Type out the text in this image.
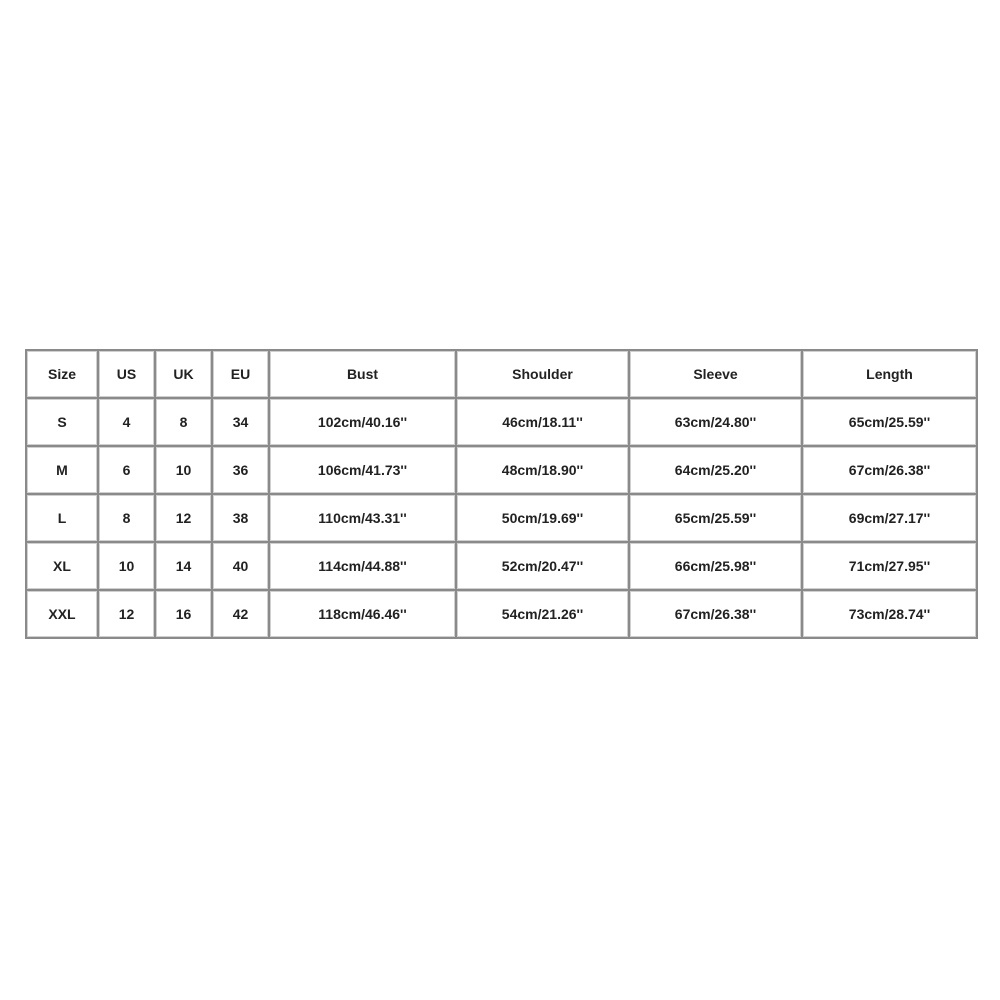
Size	US	UK	EU	Bust	Shoulder	Sleeve	Length
S	4	8	34	102cm/40.16''	46cm/18.11''	63cm/24.80''	65cm/25.59''
M	6	10	36	106cm/41.73''	48cm/18.90''	64cm/25.20''	67cm/26.38''
L	8	12	38	110cm/43.31''	50cm/19.69''	65cm/25.59''	69cm/27.17''
XL	10	14	40	114cm/44.88''	52cm/20.47''	66cm/25.98''	71cm/27.95''
XXL	12	16	42	118cm/46.46''	54cm/21.26''	67cm/26.38''	73cm/28.74''
